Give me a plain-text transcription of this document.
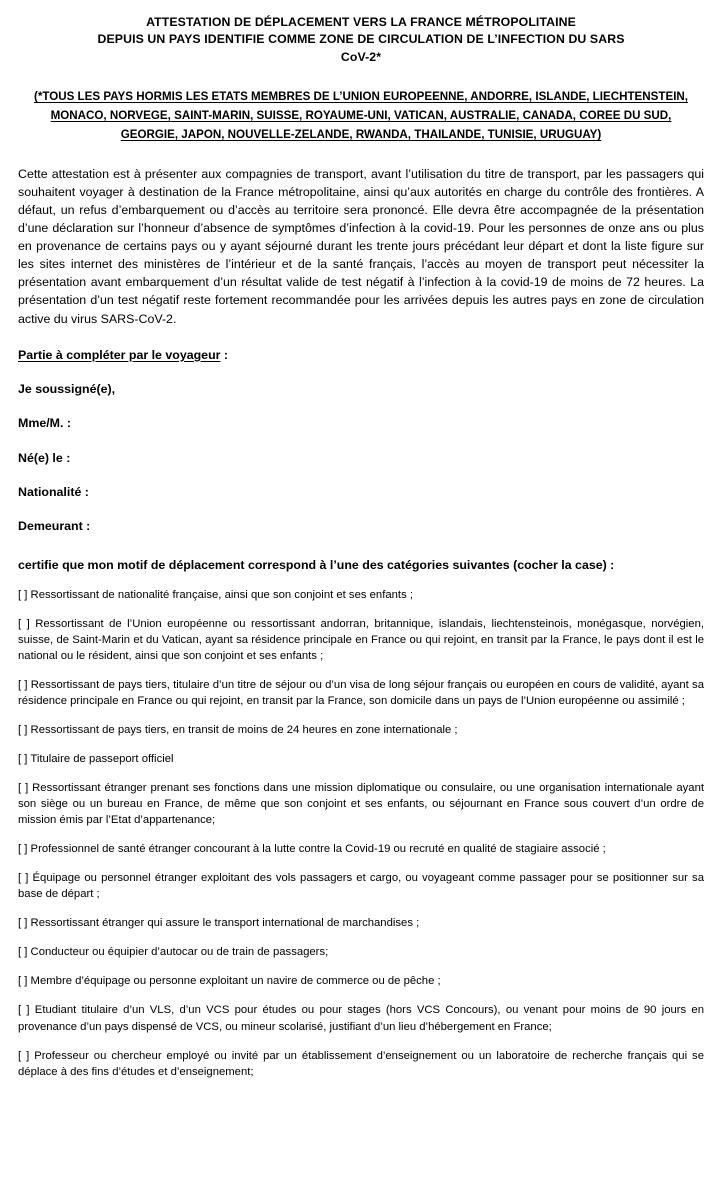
ATTESTATION DE DÉPLACEMENT VERS LA FRANCE MÉTROPOLITAINE
DEPUIS UN PAYS IDENTIFIE COMME ZONE DE CIRCULATION DE L’INFECTION DU SARS
CoV-2*
(*TOUS LES PAYS HORMIS LES ETATS MEMBRES DE L’UNION EUROPEENNE, ANDORRE, ISLANDE, LIECHTENSTEIN, MONACO, NORVEGE, SAINT-MARIN, SUISSE, ROYAUME-UNI, VATICAN, AUSTRALIE, CANADA, COREE DU SUD, GEORGIE, JAPON, NOUVELLE-ZELANDE, RWANDA, THAILANDE, TUNISIE, URUGUAY)
Cette attestation est à présenter aux compagnies de transport, avant l’utilisation du titre de transport, par les passagers qui souhaitent voyager à destination de la France métropolitaine, ainsi qu’aux autorités en charge du contrôle des frontières. A défaut, un refus d’embarquement ou d’accès au territoire sera prononcé. Elle devra être accompagnée de la présentation d’une déclaration sur l’honneur d’absence de symptômes d’infection à la covid-19. Pour les personnes de onze ans ou plus en provenance de certains pays ou y ayant séjourné durant les trente jours précédant leur départ et dont la liste figure sur les sites internet des ministères de l’intérieur et de la santé français, l’accès au moyen de transport peut nécessiter la présentation avant embarquement d’un résultat valide de test négatif à l’infection à la covid-19 de moins de 72 heures. La présentation d’un test négatif reste fortement recommandée pour les arrivées depuis les autres pays en zone de circulation active du virus SARS-CoV-2.
Partie à compléter par le voyageur :
Je soussigné(e),
Mme/M. :
Né(e) le :
Nationalité :
Demeurant :
certifie que mon motif de déplacement correspond à l’une des catégories suivantes (cocher la case) :
[ ] Ressortissant de nationalité française, ainsi que son conjoint et ses enfants ;
[ ] Ressortissant de l’Union européenne ou ressortissant andorran, britannique, islandais, liechtensteinois, monégasque, norvégien, suisse, de Saint-Marin et du Vatican, ayant sa résidence principale en France ou qui rejoint, en transit par la France, le pays dont il est le national ou le résident, ainsi que son conjoint et ses enfants ;
[ ] Ressortissant de pays tiers, titulaire d’un titre de séjour ou d’un visa de long séjour français ou européen en cours de validité, ayant sa résidence principale en France ou qui rejoint, en transit par la France, son domicile dans un pays de l’Union européenne ou assimilé ;
[ ] Ressortissant de pays tiers, en transit de moins de 24 heures en zone internationale ;
[ ] Titulaire de passeport officiel
[ ] Ressortissant étranger prenant ses fonctions dans une mission diplomatique ou consulaire, ou une organisation internationale ayant son siège ou un bureau en France, de même que son conjoint et ses enfants, ou séjournant en France sous couvert d’un ordre de mission émis par l’Etat d’appartenance;
[ ] Professionnel de santé étranger concourant à la lutte contre la Covid-19 ou recruté en qualité de stagiaire associé ;
[ ] Équipage ou personnel étranger exploitant des vols passagers et cargo, ou voyageant comme passager pour se positionner sur sa base de départ ;
[ ] Ressortissant étranger qui assure le transport international de marchandises ;
[ ] Conducteur ou équipier d’autocar ou de train de passagers;
[ ] Membre d’équipage ou personne exploitant un navire de commerce ou de pêche ;
[ ] Etudiant titulaire d’un VLS, d’un VCS pour études ou pour stages (hors VCS Concours), ou venant pour moins de 90 jours en provenance d’un pays dispensé de VCS, ou mineur scolarisé, justifiant d’un lieu d’hébergement en France;
[ ] Professeur ou chercheur employé ou invité par un établissement d’enseignement ou un laboratoire de recherche français qui se déplace à des fins d’études et d’enseignement;
